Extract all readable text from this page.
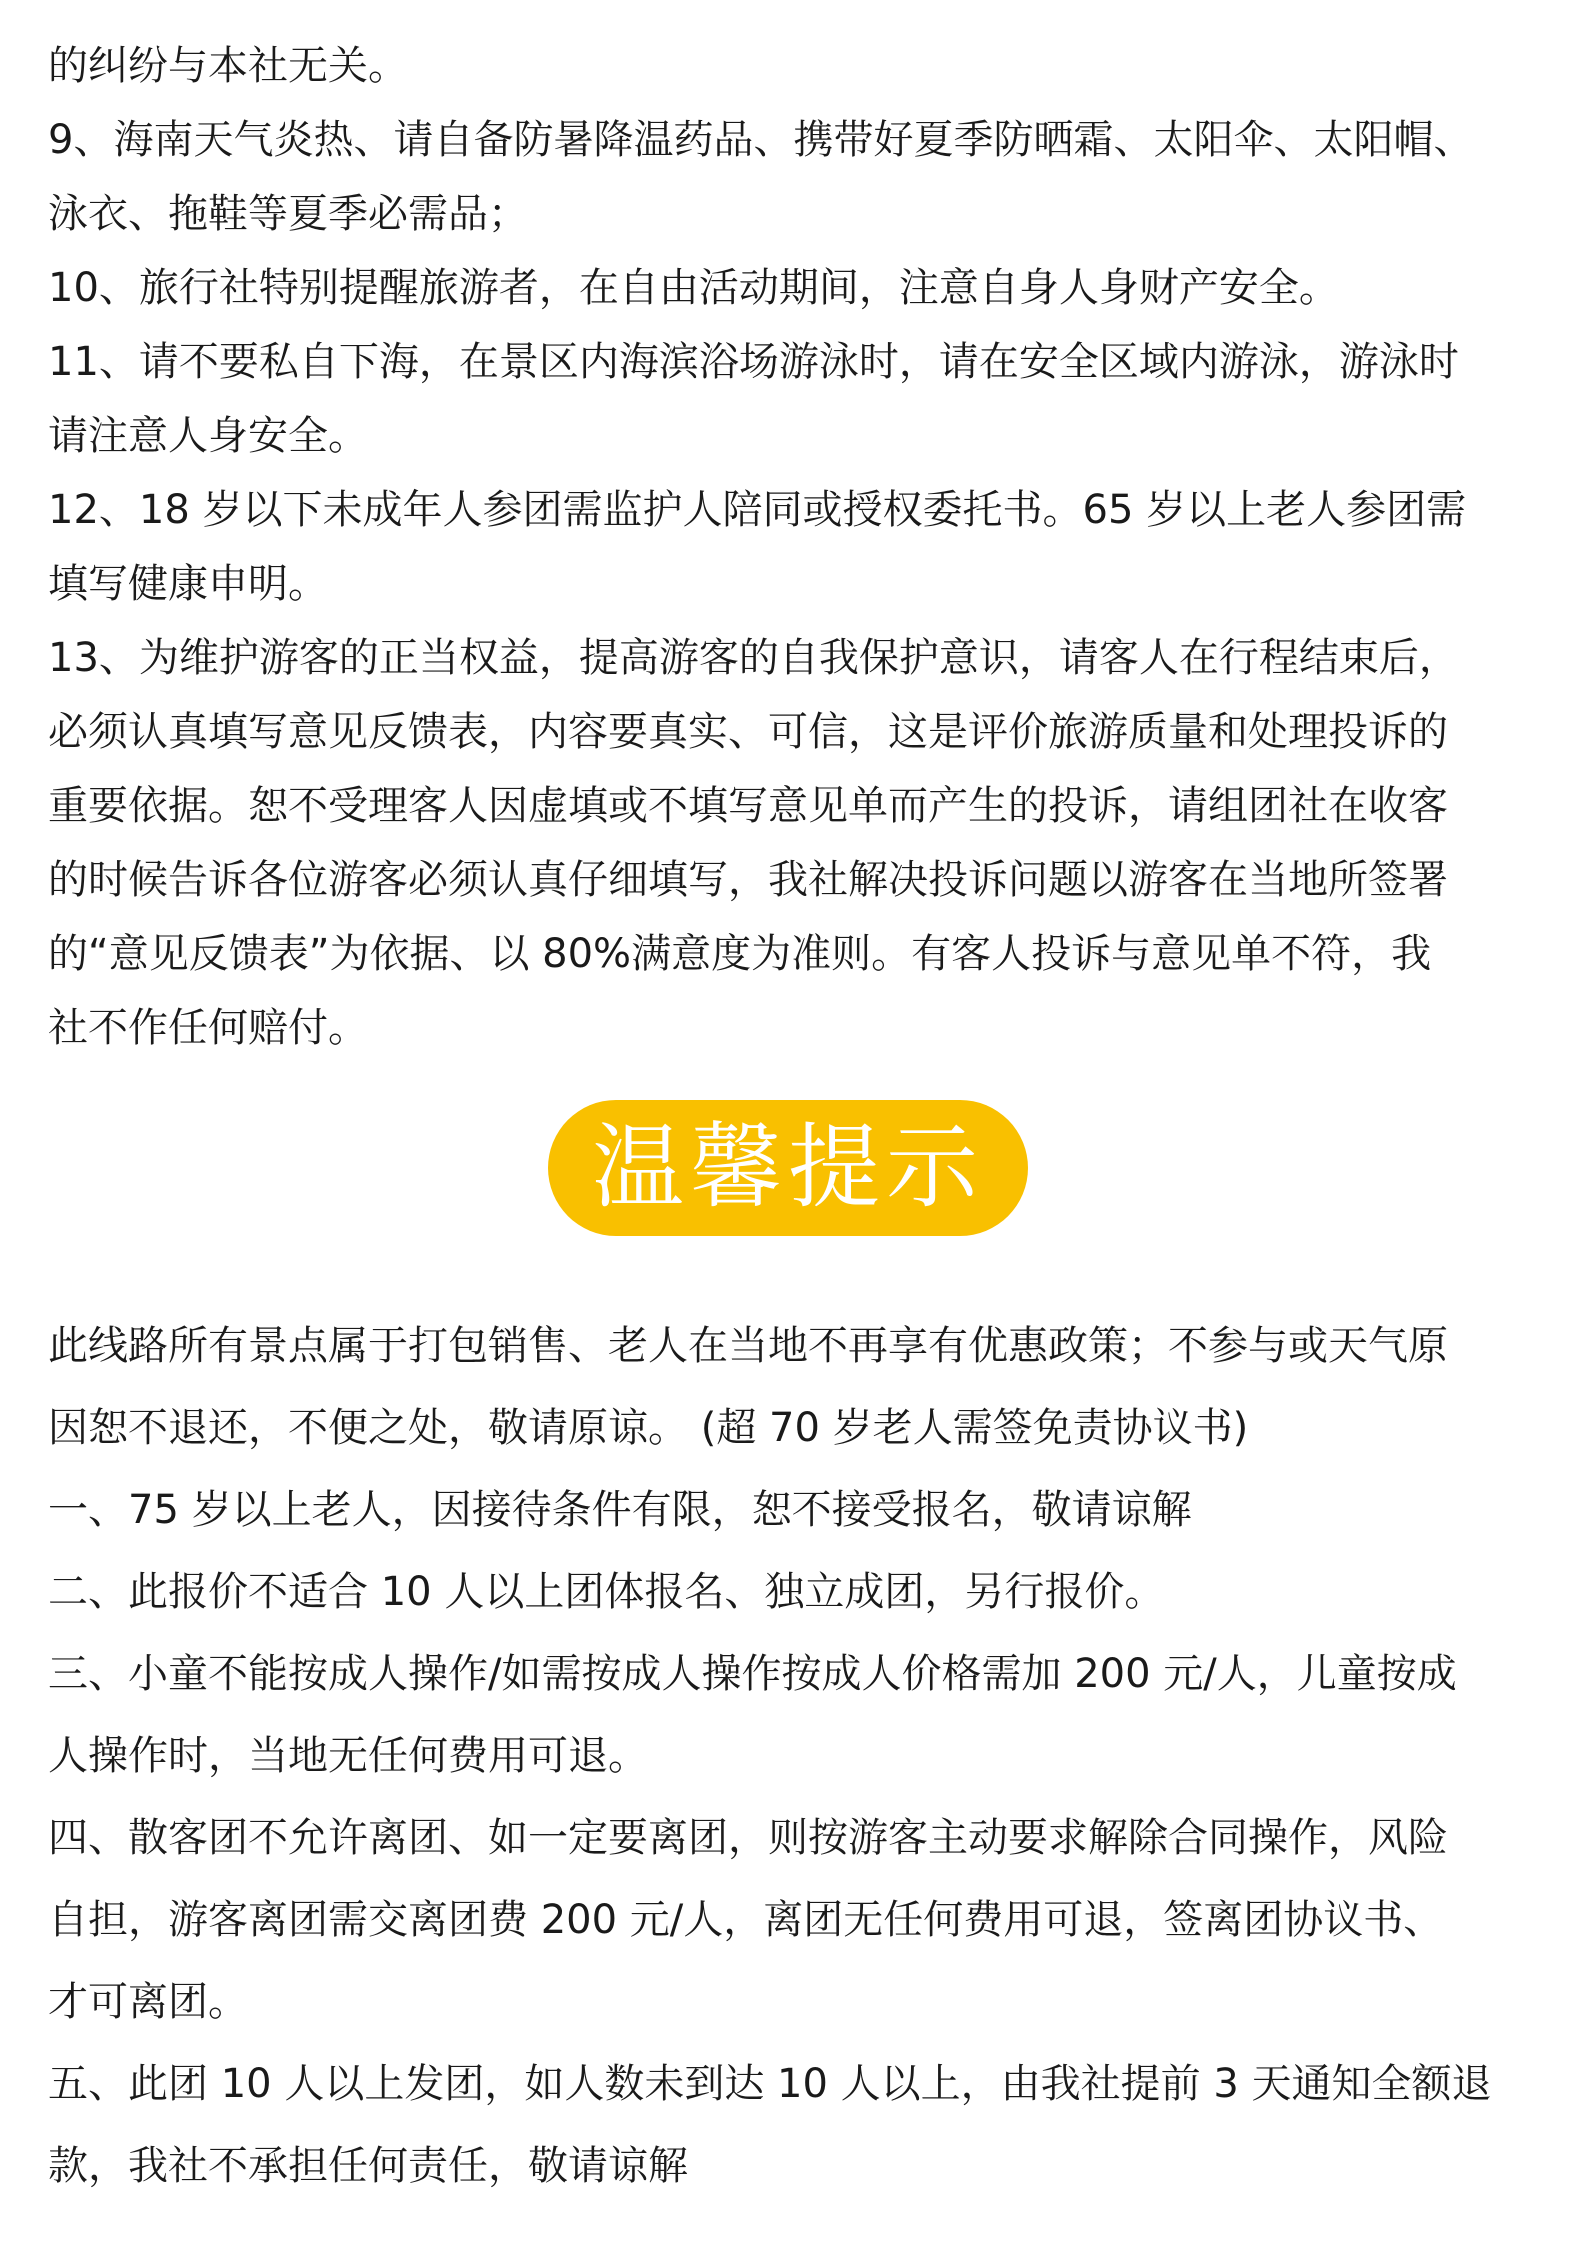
的纠纷与本社无关。
9、海南天气炎热、请自备防暑降温药品、携带好夏季防晒霜、太阳伞、太阳帽、
泳衣、拖鞋等夏季必需品；
10、旅行社特别提醒旅游者，在自由活动期间，注意自身人身财产安全。
11、请不要私自下海，在景区内海滨浴场游泳时，请在安全区域内游泳，游泳时
请注意人身安全。
12、18 岁以下未成年人参团需监护人陪同或授权委托书。65 岁以上老人参团需
填写健康申明。
13、为维护游客的正当权益，提高游客的自我保护意识，请客人在行程结束后，
必须认真填写意见反馈表，内容要真实、可信，这是评价旅游质量和处理投诉的
重要依据。恕不受理客人因虚填或不填写意见单而产生的投诉，请组团社在收客
的时候告诉各位游客必须认真仔细填写，我社解决投诉问题以游客在当地所签署
的“意见反馈表”为依据、以 80%满意度为准则。有客人投诉与意见单不符，我
社不作任何赔付。
温馨提示
此线路所有景点属于打包销售、老人在当地不再享有优惠政策；不参与或天气原
因恕不退还，不便之处，敬请原谅。 (超 70 岁老人需签免责协议书)
一、75 岁以上老人，因接待条件有限，恕不接受报名，敬请谅解
二、此报价不适合 10 人以上团体报名、独立成团，另行报价。
三、小童不能按成人操作/如需按成人操作按成人价格需加 200 元/人，儿童按成
人操作时，当地无任何费用可退。
四、散客团不允许离团、如一定要离团，则按游客主动要求解除合同操作，风险
自担，游客离团需交离团费 200 元/人，离团无任何费用可退，签离团协议书、
才可离团。
五、此团 10 人以上发团，如人数未到达 10 人以上，由我社提前 3 天通知全额退
款，我社不承担任何责任，敬请谅解
